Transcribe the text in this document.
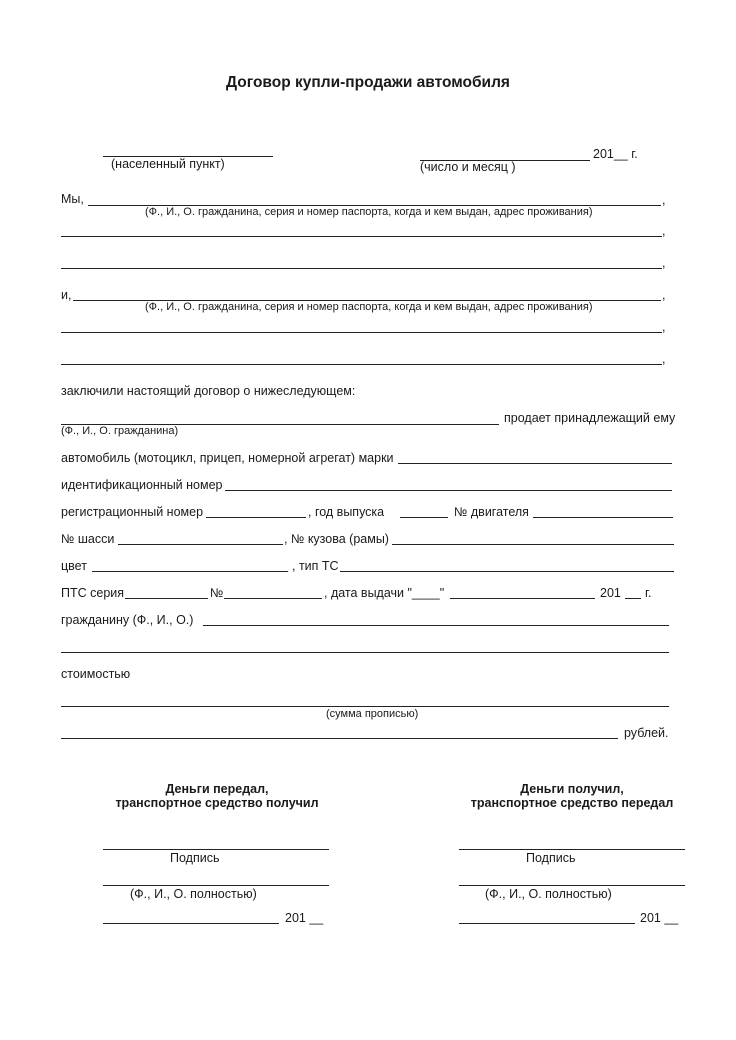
Договор купли-продажи автомобиля
(населенный пункт)
201__ г.
(число и месяц )
Мы,	,
(Ф., И., О. гражданина, серия и номер паспорта, когда и кем выдан, адрес проживания)
,
,
и,	,
(Ф., И., О. гражданина, серия и номер паспорта, когда и кем выдан, адрес проживания)
,
,
заключили настоящий договор о нижеследующем:
продает принадлежащий ему
(Ф., И., О. гражданина)
автомобиль (мотоцикл, прицеп, номерной агрегат) марки
идентификационный номер
регистрационный номер	, год выпуска	№ двигателя
№ шасси	, № кузова (рамы)
цвет	, тип ТС
ПТС серия	№	, дата выдачи "____"	201 г.
гражданину (Ф., И., О.)
стоимостью
(сумма прописью)
рублей.
Деньги передал,
транспортное средство получил
Подпись
(Ф., И., О. полностью)
201 __
Деньги получил,
транспортное средство передал
Подпись
(Ф., И., О. полностью)
201 __
